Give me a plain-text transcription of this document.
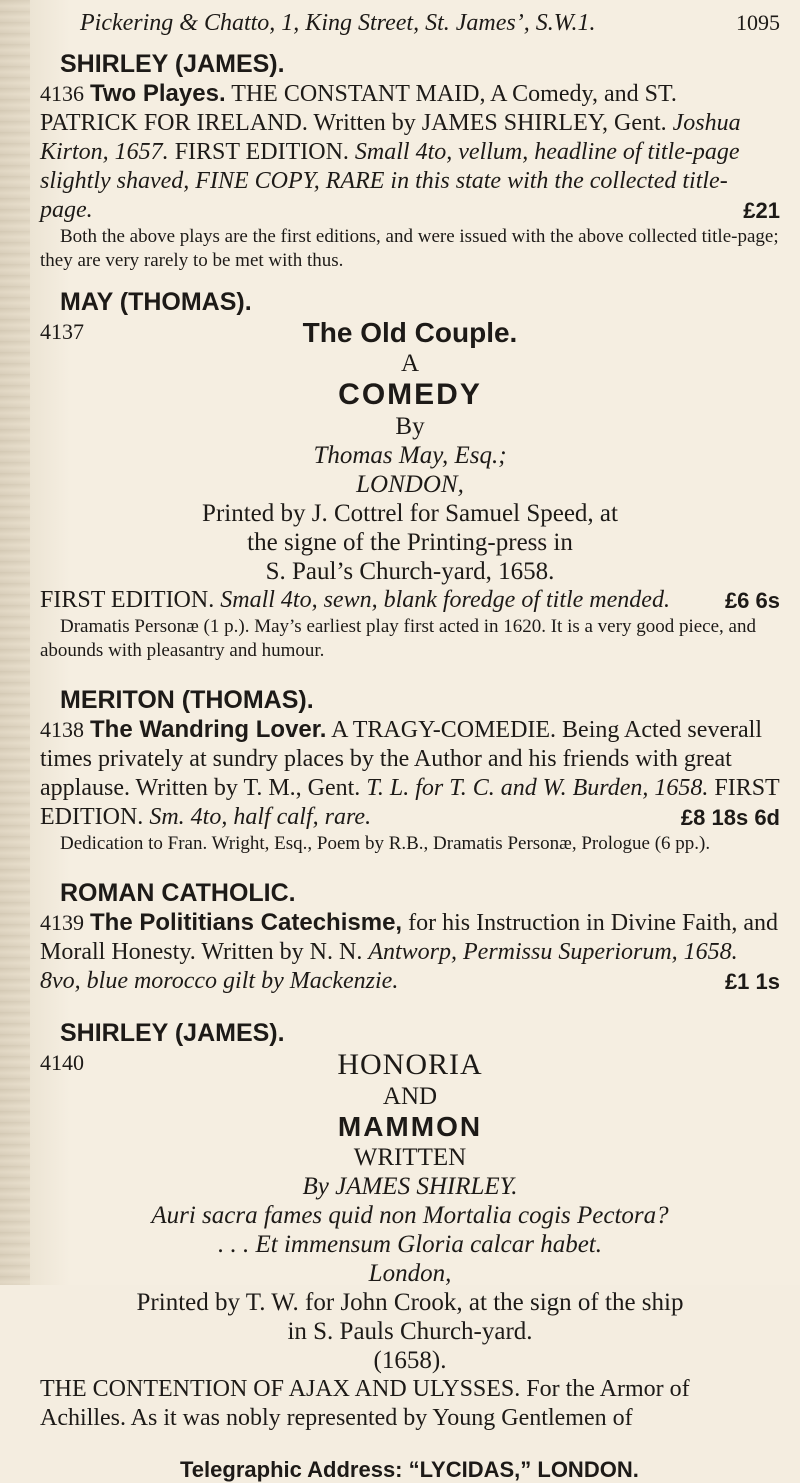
Pickering & Chatto, 1, King Street, St. James’, S.W.1.	1095
SHIRLEY (JAMES).
4136 Two Playes. THE CONSTANT MAID, A Comedy, and ST. PATRICK FOR IRELAND. Written by JAMES SHIRLEY, Gent. Joshua Kirton, 1657. FIRST EDITION. Small 4to, vellum, headline of title-page slightly shaved, FINE COPY, RARE in this state with the collected title-page.	£21
Both the above plays are the first editions, and were issued with the above collected title-page; they are very rarely to be met with thus.
MAY (THOMAS).
4137	The Old Couple.
A
COMEDY
By
Thomas May, Esq.;
LONDON,
Printed by J. Cottrel for Samuel Speed, at
the signe of the Printing-press in
S. Paul’s Church-yard, 1658.
FIRST EDITION. Small 4to, sewn, blank foredge of title mended. £6 6s
Dramatis Personæ (1 p.). May’s earliest play first acted in 1620. It is a very good piece, and abounds with pleasantry and humour.
MERITON (THOMAS).
4138 The Wandring Lover. A TRAGY-COMEDIE. Being Acted severall times privately at sundry places by the Author and his friends with great applause. Written by T. M., Gent. T. L. for T. C. and W. Burden, 1658. FIRST EDITION. Sm. 4to, half calf, rare.	£8 18s 6d
Dedication to Fran. Wright, Esq., Poem by R.B., Dramatis Personæ, Prologue (6 pp.).
ROMAN CATHOLIC.
4139 The Polititians Catechisme, for his Instruction in Divine Faith, and Morall Honesty. Written by N. N. Antworp, Permissu Superiorum, 1658. 8vo, blue morocco gilt by Mackenzie.	£1 1s
SHIRLEY (JAMES).
4140	HONORIA
AND
MAMMON
WRITTEN
By JAMES SHIRLEY.
Auri sacra fames quid non Mortalia cogis Pectora?
. . . Et immensum Gloria calcar habet.
London,
Printed by T. W. for John Crook, at the sign of the ship
in S. Pauls Church-yard.
(1658).
THE CONTENTION OF AJAX AND ULYSSES. For the Armor of Achilles. As it was nobly represented by Young Gentlemen of
Telegraphic Address: “LYCIDAS,” LONDON.
